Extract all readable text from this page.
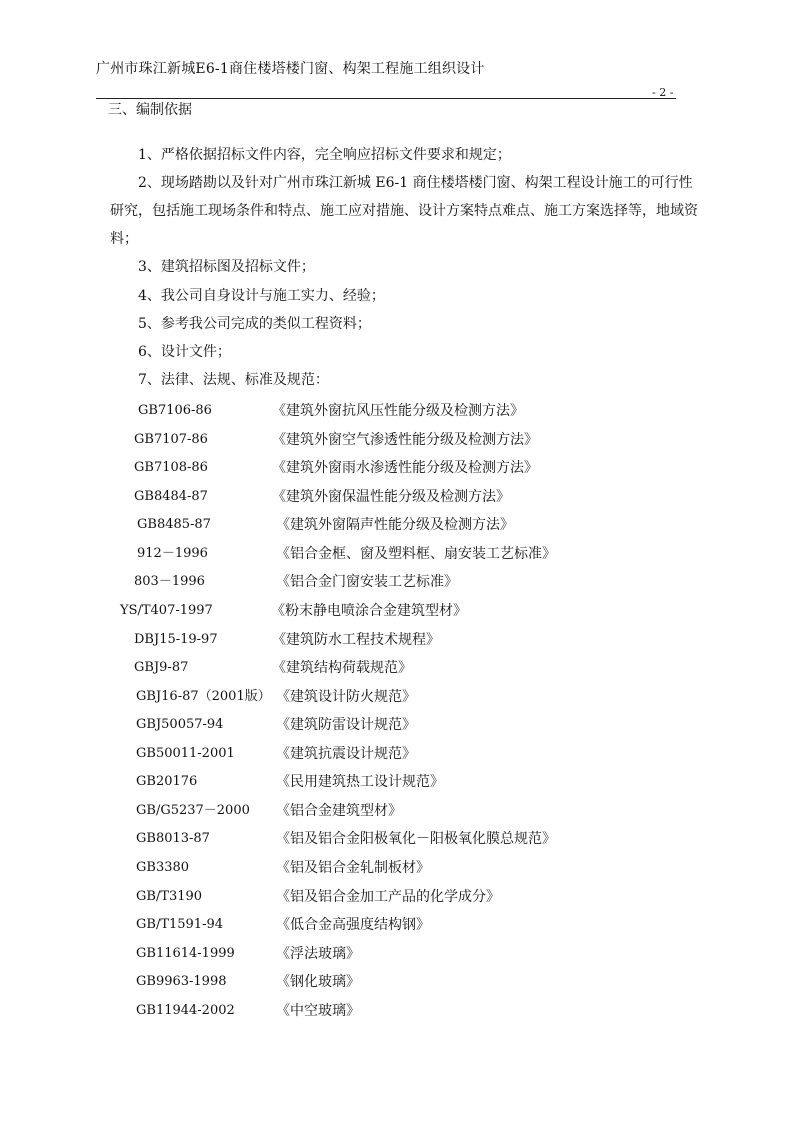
广州市珠江新城E6-1商住楼塔楼门窗、构架工程施工组织设计
- 2 -
三、编制依据

1、严格依据招标文件内容，完全响应招标文件要求和规定；

2、现场踏勘以及针对广州市珠江新城 E6-1 商住楼塔楼门窗、构架工程设计施工的可行性研究，包括施工现场条件和特点、施工应对措施、设计方案特点难点、施工方案选择等，地域资料；

3、建筑招标图及招标文件；

4、我公司自身设计与施工实力、经验；

5、参考我公司完成的类似工程资料；

6、设计文件；

7、法律、法规、标准及规范：

GB7106-86	《建筑外窗抗风压性能分级及检测方法》
GB7107-86	《建筑外窗空气渗透性能分级及检测方法》
GB7108-86	《建筑外窗雨水渗透性能分级及检测方法》
GB8484-87	《建筑外窗保温性能分级及检测方法》
GB8485-87	《建筑外窗隔声性能分级及检测方法》
912－1996	《铝合金框、窗及塑料框、扇安装工艺标准》
803－1996	《铝合金门窗安装工艺标准》
YS/T407-1997	《粉末静电喷涂合金建筑型材》
DBJ15-19-97	《建筑防水工程技术规程》
GBJ9-87	《建筑结构荷载规范》
GBJ16-87（2001版） 《建筑设计防火规范》
GBJ50057-94	《建筑防雷设计规范》
GB50011-2001	《建筑抗震设计规范》
GB20176	《民用建筑热工设计规范》
GB/G5237－2000 《铝合金建筑型材》
GB8013-87	《铝及铝合金阳极氧化－阳极氧化膜总规范》
GB3380	《铝及铝合金轧制板材》
GB/T3190	《铝及铝合金加工产品的化学成分》
GB/T1591-94	《低合金高强度结构钢》
GB11614-1999	《浮法玻璃》
GB9963-1998	《钢化玻璃》
GB11944-2002	《中空玻璃》
